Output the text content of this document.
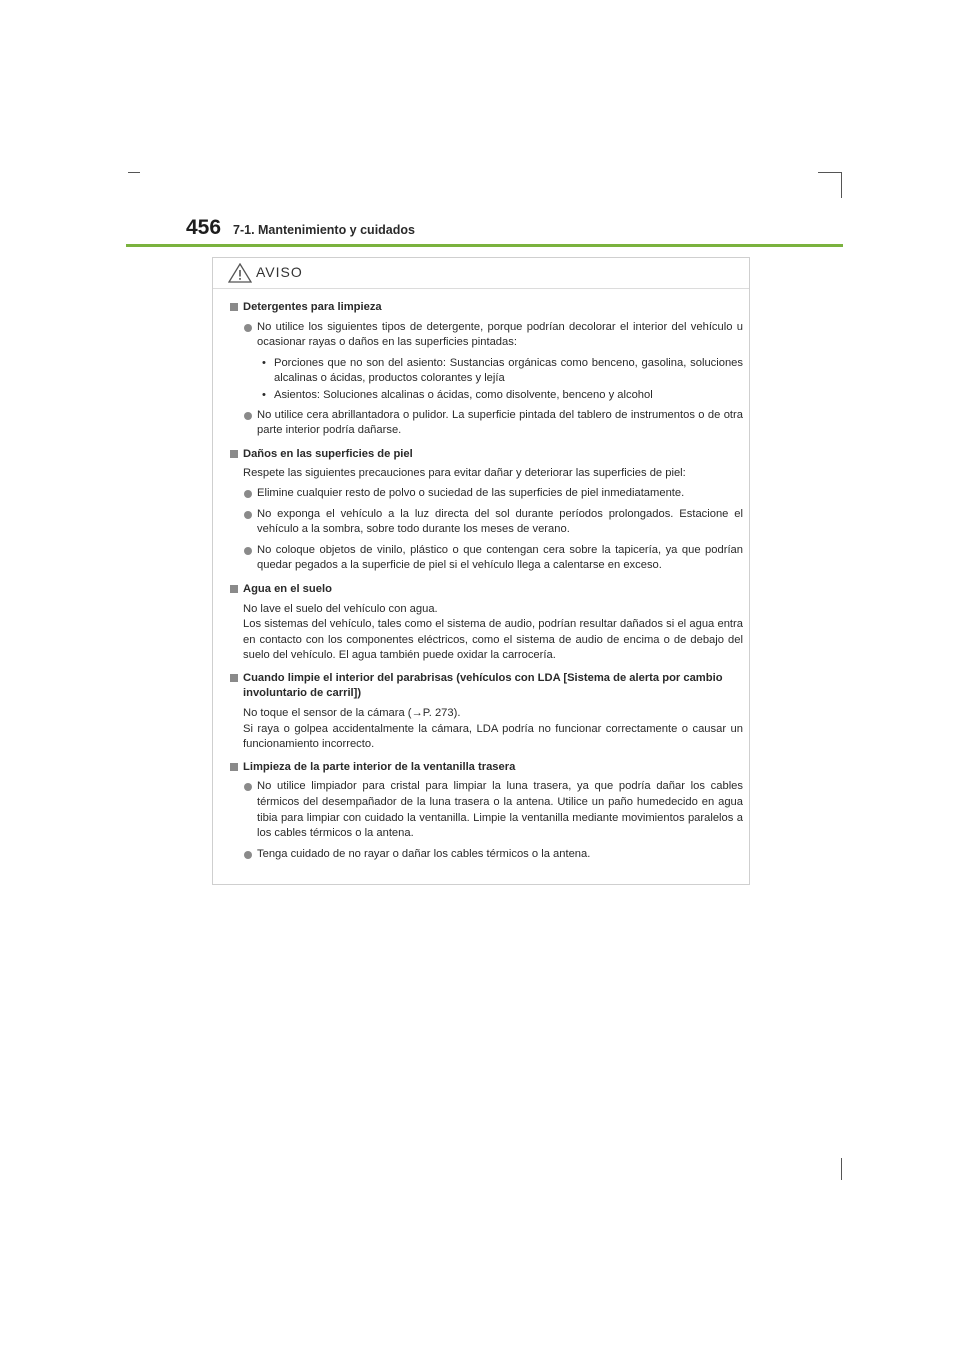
456 7-1. Mantenimiento y cuidados
AVISO
Detergentes para limpieza
No utilice los siguientes tipos de detergente, porque podrían decolorar el interior del vehículo u ocasionar rayas o daños en las superficies pintadas:
• Porciones que no son del asiento: Sustancias orgánicas como benceno, gasolina, soluciones alcalinas o ácidas, productos colorantes y lejía
• Asientos: Soluciones alcalinas o ácidas, como disolvente, benceno y alcohol
No utilice cera abrillantadora o pulidor. La superficie pintada del tablero de instrumentos o de otra parte interior podría dañarse.
Daños en las superficies de piel
Respete las siguientes precauciones para evitar dañar y deteriorar las superficies de piel:
Elimine cualquier resto de polvo o suciedad de las superficies de piel inmediatamente.
No exponga el vehículo a la luz directa del sol durante períodos prolongados. Estacione el vehículo a la sombra, sobre todo durante los meses de verano.
No coloque objetos de vinilo, plástico o que contengan cera sobre la tapicería, ya que podrían quedar pegados a la superficie de piel si el vehículo llega a calentarse en exceso.
Agua en el suelo
No lave el suelo del vehículo con agua.
Los sistemas del vehículo, tales como el sistema de audio, podrían resultar dañados si el agua entra en contacto con los componentes eléctricos, como el sistema de audio de encima o de debajo del suelo del vehículo. El agua también puede oxidar la carrocería.
Cuando limpie el interior del parabrisas (vehículos con LDA [Sistema de alerta por cambio involuntario de carril])
No toque el sensor de la cámara (→P. 273).
Si raya o golpea accidentalmente la cámara, LDA podría no funcionar correctamente o causar un funcionamiento incorrecto.
Limpieza de la parte interior de la ventanilla trasera
No utilice limpiador para cristal para limpiar la luna trasera, ya que podría dañar los cables térmicos del desempañador de la luna trasera o la antena. Utilice un paño humedecido en agua tibia para limpiar con cuidado la ventanilla. Limpie la ventanilla mediante movimientos paralelos a los cables térmicos o la antena.
Tenga cuidado de no rayar o dañar los cables térmicos o la antena.
